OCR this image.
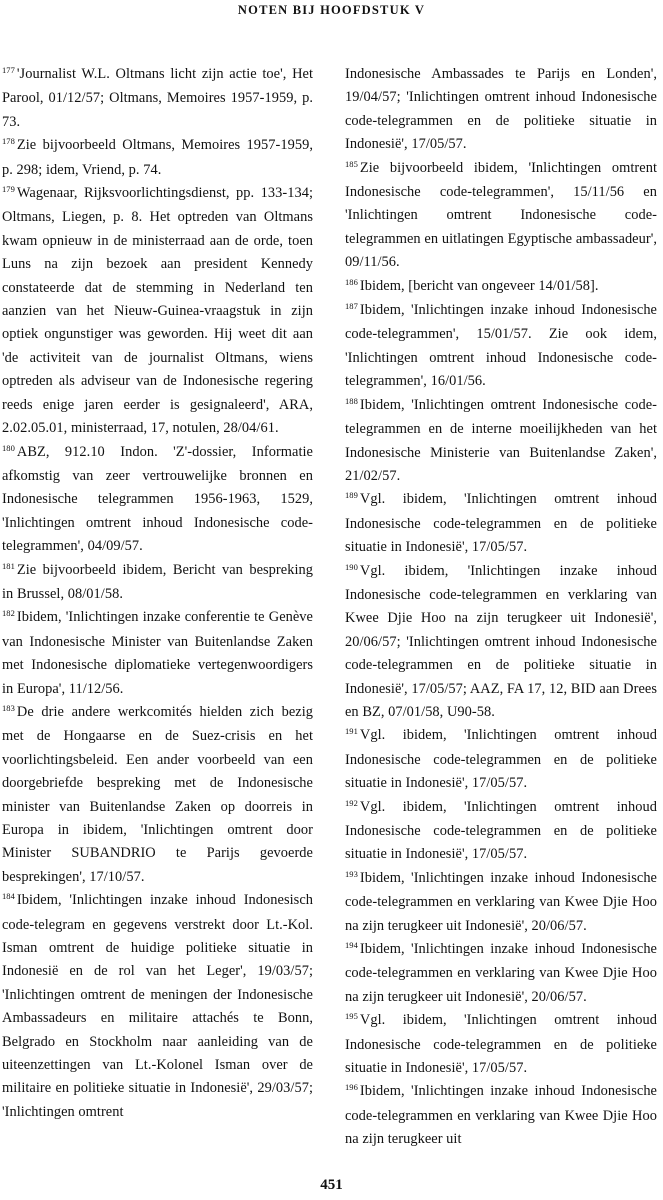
NOTEN BIJ HOOFDSTUK V

$^{177}$ 'Journalist W.L. Oltmans licht zijn actie toe', Het Parool, 01/12/57; Oltmans, Memoires 1957-1959, p. 73.

$^{178}$ Zie bijvoorbeeld Oltmans, Memoires 1957-1959, p. 298; idem, Vriend, p. 74.

$^{179}$ Wagenaar, Rijksvoorlichtingsdienst, pp. 133-134; Oltmans, Liegen, p. 8. Het optreden van Oltmans kwam opnieuw in de ministerraad aan de orde, toen Luns na zijn bezoek aan president Kennedy constateerde dat de stemming in Nederland ten aanzien van het Nieuw-Guinea-vraagstuk in zijn optiek ongunstiger was geworden. Hij weet dit aan 'de activiteit van de journalist Oltmans, wiens optreden als adviseur van de Indonesische regering reeds enige jaren eerder is gesignaleerd', ARA, 2.02.05.01, ministerraad, 17, notulen, 28/04/61.

$^{180}$ ABZ, 912.10 Indon. 'Z'-dossier, Informatie afkomstig van zeer vertrouwelijke bronnen en Indonesische telegrammen 1956-1963, 1529, 'Inlichtingen omtrent inhoud Indonesische code-telegrammen', 04/09/57.

$^{181}$ Zie bijvoorbeeld ibidem, Bericht van bespreking in Brussel, 08/01/58.

$^{182}$ Ibidem, 'Inlichtingen inzake conferentie te Genève van Indonesische Minister van Buitenlandse Zaken met Indonesische diplomatieke vertegenwoordigers in Europa', 11/12/56.

$^{183}$ De drie andere werkcomités hielden zich bezig met de Hongaarse en de Suez-crisis en het voorlichtingsbeleid. Een ander voorbeeld van een doorgebriefde bespreking met de Indonesische minister van Buitenlandse Zaken op doorreis in Europa in ibidem, 'Inlichtingen omtrent door Minister SUBANDRIO te Parijs gevoerde besprekingen', 17/10/57.

$^{184}$ Ibidem, 'Inlichtingen inzake inhoud Indonesisch code-telegram en gegevens verstrekt door Lt.-Kol. Isman omtrent de huidige politieke situatie in Indonesië en de rol van het Leger', 19/03/57; 'Inlichtingen omtrent de meningen der Indonesische Ambassadeurs en militaire attachés te Bonn, Belgrado en Stockholm naar aanleiding van de uiteenzettingen van Lt.-Kolonel Isman over de militaire en politieke situatie in Indonesië', 29/03/57; 'Inlichtingen omtrent

Indonesische Ambassades te Parijs en Londen', 19/04/57; 'Inlichtingen omtrent inhoud Indonesische code-telegrammen en de politieke situatie in Indonesië', 17/05/57.

$^{185}$ Zie bijvoorbeeld ibidem, 'Inlichtingen omtrent Indonesische code-telegrammen', 15/11/56 en 'Inlichtingen omtrent Indonesische code-telegrammen en uitlatingen Egyptische ambassadeur', 09/11/56.

$^{186}$ Ibidem, [bericht van ongeveer 14/01/58].

$^{187}$ Ibidem, 'Inlichtingen inzake inhoud Indonesische code-telegrammen', 15/01/57. Zie ook idem, 'Inlichtingen omtrent inhoud Indonesische code-telegrammen', 16/01/56.

$^{188}$ Ibidem, 'Inlichtingen omtrent Indonesische code-telegrammen en de interne moeilijkheden van het Indonesische Ministerie van Buitenlandse Zaken', 21/02/57.

$^{189}$ Vgl. ibidem, 'Inlichtingen omtrent inhoud Indonesische code-telegrammen en de politieke situatie in Indonesië', 17/05/57.

$^{190}$ Vgl. ibidem, 'Inlichtingen inzake inhoud Indonesische code-telegrammen en verklaring van Kwee Djie Hoo na zijn terugkeer uit Indonesië', 20/06/57; 'Inlichtingen omtrent inhoud Indonesische code-telegrammen en de politieke situatie in Indonesië', 17/05/57; AAZ, FA 17, 12, BID aan Drees en BZ, 07/01/58, U90-58.

$^{191}$ Vgl. ibidem, 'Inlichtingen omtrent inhoud Indonesische code-telegrammen en de politieke situatie in Indonesië', 17/05/57.

$^{192}$ Vgl. ibidem, 'Inlichtingen omtrent inhoud Indonesische code-telegrammen en de politieke situatie in Indonesië', 17/05/57.

$^{193}$ Ibidem, 'Inlichtingen inzake inhoud Indonesische code-telegrammen en verklaring van Kwee Djie Hoo na zijn terugkeer uit Indonesië', 20/06/57.

$^{194}$ Ibidem, 'Inlichtingen inzake inhoud Indonesische code-telegrammen en verklaring van Kwee Djie Hoo na zijn terugkeer uit Indonesië', 20/06/57.

$^{195}$ Vgl. ibidem, 'Inlichtingen omtrent inhoud Indonesische code-telegrammen en de politieke situatie in Indonesië', 17/05/57.

$^{196}$ Ibidem, 'Inlichtingen inzake inhoud Indonesische code-telegrammen en verklaring van Kwee Djie Hoo na zijn terugkeer uit

451
